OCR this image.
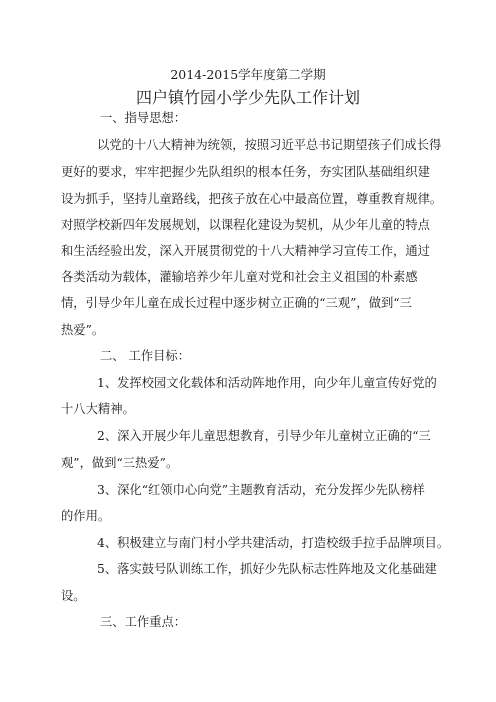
2014-2015学年度第二学期
四户镇竹园小学少先队工作计划
一、指导思想：
以党的十八大精神为统领，按照习近平总书记期望孩子们成长得
更好的要求，牢牢把握少先队组织的根本任务，夯实团队基础组织建
设为抓手，坚持儿童路线，把孩子放在心中最高位置，尊重教育规律。
对照学校新四年发展规划，以课程化建设为契机，从少年儿童的特点
和生活经验出发，深入开展贯彻党的十八大精神学习宣传工作，通过
各类活动为载体，灌输培养少年儿童对党和社会主义祖国的朴素感
情，引导少年儿童在成长过程中逐步树立正确的“三观”，做到“三
热爱”。
二、 工作目标：
1、发挥校园文化载体和活动阵地作用，向少年儿童宣传好党的
十八大精神。
2、深入开展少年儿童思想教育，引导少年儿童树立正确的“三
观”，做到“三热爱”。
3、深化“红领巾心向党”主题教育活动，充分发挥少先队榜样
的作用。
4、积极建立与南门村小学共建活动，打造校级手拉手品牌项目。
5、落实鼓号队训练工作，抓好少先队标志性阵地及文化基础建
设。
三、工作重点：
